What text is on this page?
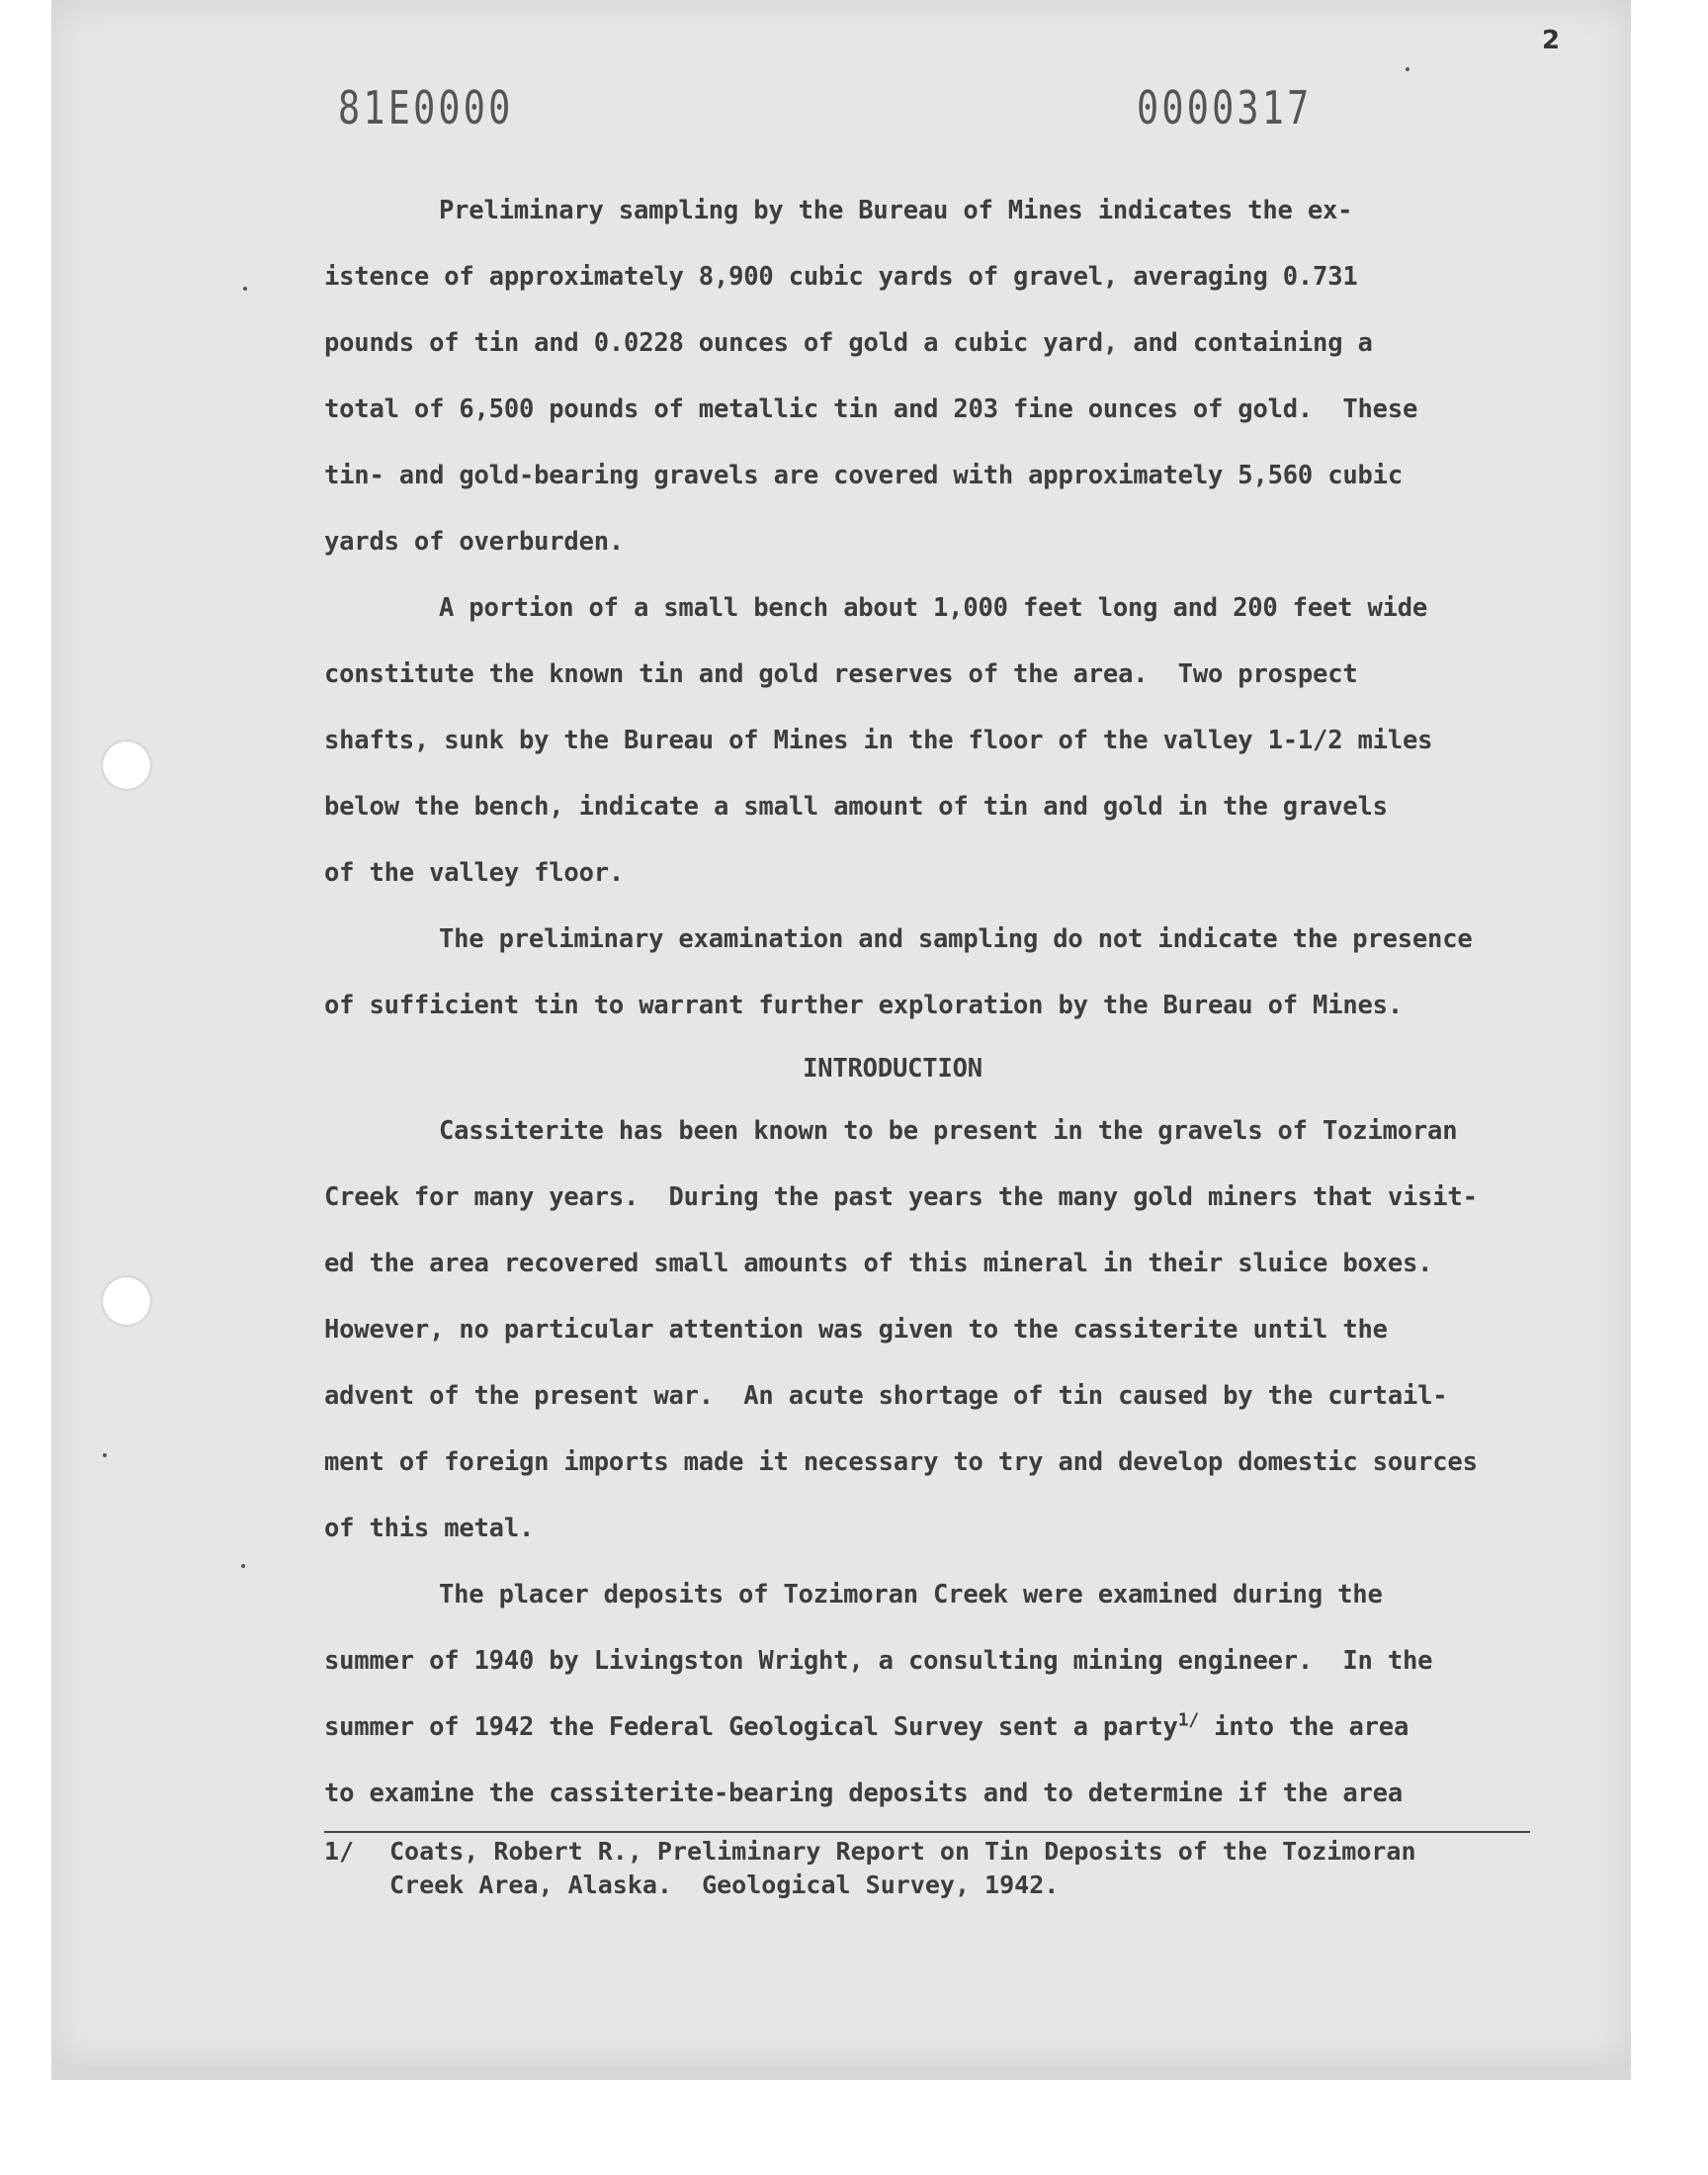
2
81E0000	0000317
Preliminary sampling by the Bureau of Mines indicates the ex-
istence of approximately 8,900 cubic yards of gravel, averaging 0.731
pounds of tin and 0.0228 ounces of gold a cubic yard, and containing a
total of 6,500 pounds of metallic tin and 203 fine ounces of gold.  These
tin- and gold-bearing gravels are covered with approximately 5,560 cubic
yards of overburden.
A portion of a small bench about 1,000 feet long and 200 feet wide
constitute the known tin and gold reserves of the area.  Two prospect
shafts, sunk by the Bureau of Mines in the floor of the valley 1-1/2 miles
below the bench, indicate a small amount of tin and gold in the gravels
of the valley floor.
The preliminary examination and sampling do not indicate the presence
of sufficient tin to warrant further exploration by the Bureau of Mines.
INTRODUCTION
Cassiterite has been known to be present in the gravels of Tozimoran
Creek for many years.  During the past years the many gold miners that visit-
ed the area recovered small amounts of this mineral in their sluice boxes.
However, no particular attention was given to the cassiterite until the
advent of the present war.  An acute shortage of tin caused by the curtail-
ment of foreign imports made it necessary to try and develop domestic sources
of this metal.
The placer deposits of Tozimoran Creek were examined during the
summer of 1940 by Livingston Wright, a consulting mining engineer.  In the
summer of 1942 the Federal Geological Survey sent a party$^{1/}$ into the area
to examine the cassiterite-bearing deposits and to determine if the area
1/ Coats, Robert R., Preliminary Report on Tin Deposits of the Tozimoran
Creek Area, Alaska.  Geological Survey, 1942.
